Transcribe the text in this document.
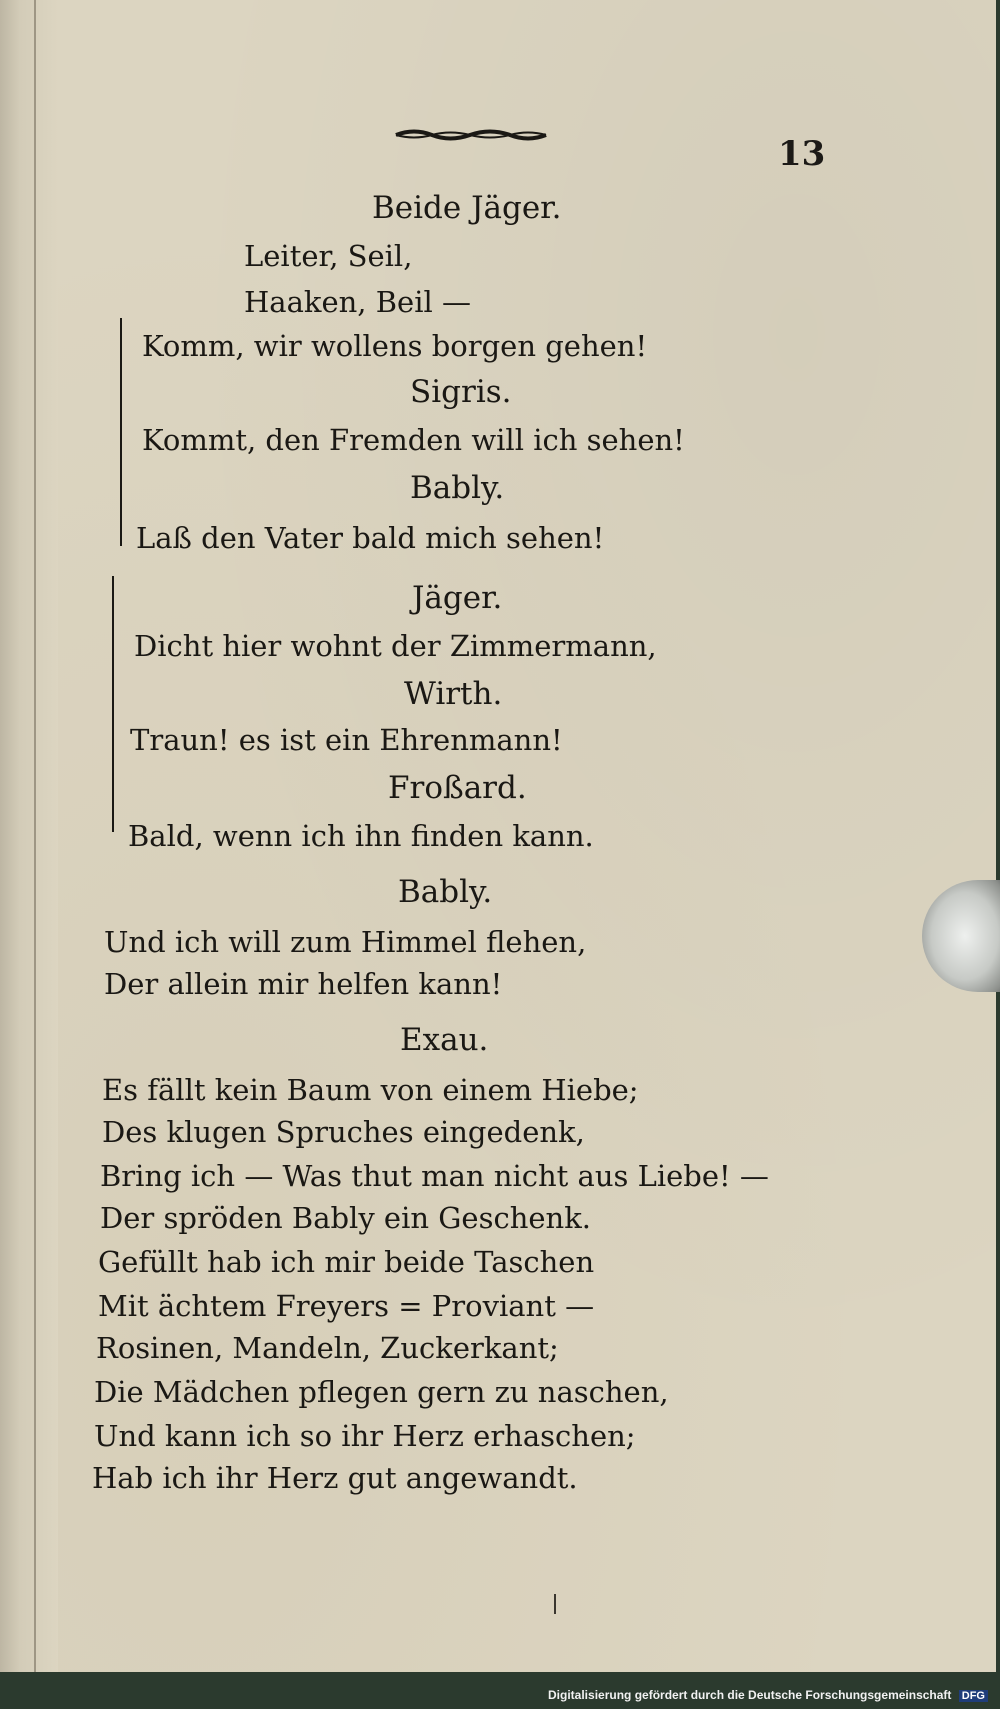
13
Beide Jäger.
Leiter, Seil,
Haaken, Beil —
Komm, wir wollens borgen gehen!
Sigris.
Kommt, den Fremden will ich sehen!
Bably.
Laß den Vater bald mich sehen!
Jäger.
Dicht hier wohnt der Zimmermann,
Wirth.
Traun! es ist ein Ehrenmann!
Froßard.
Bald, wenn ich ihn finden kann.
Bably.
Und ich will zum Himmel flehen,
Der allein mir helfen kann!
Exau.
Es fällt kein Baum von einem Hiebe;
Des klugen Spruches eingedenk,
Bring ich — Was thut man nicht aus Liebe! —
Der spröden Bably ein Geschenk.
Gefüllt hab ich mir beide Taschen
Mit ächtem Freyers = Proviant —
Rosinen, Mandeln, Zuckerkant;
Die Mädchen pflegen gern zu naschen,
Und kann ich so ihr Herz erhaschen;
Hab ich ihr Herz gut angewandt.
Digitalisierung gefördert durch die Deutsche Forschungsgemeinschaft DFG
